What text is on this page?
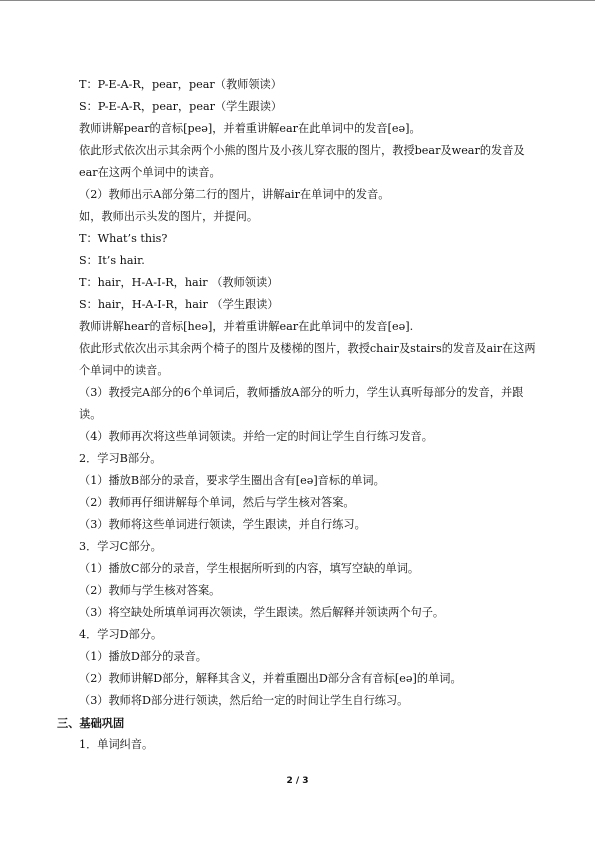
T：P-E-A-R，pear，pear（教师领读）
S：P-E-A-R，pear，pear（学生跟读）
教师讲解pear的音标[peə]，并着重讲解ear在此单词中的发音[eə]。
依此形式依次出示其余两个小熊的图片及小孩儿穿衣服的图片，教授bear及wear的发音及ear在这两个单词中的读音。
（2）教师出示A部分第二行的图片，讲解air在单词中的发音。
如，教师出示头发的图片，并提问。
T：What’s this?
S：It’s hair.
T：hair，H-A-I-R，hair （教师领读）
S：hair，H-A-I-R，hair （学生跟读）
教师讲解hear的音标[heə]，并着重讲解ear在此单词中的发音[eə].
依此形式依次出示其余两个椅子的图片及楼梯的图片，教授chair及stairs的发音及air在这两个单词中的读音。
（3）教授完A部分的6个单词后，教师播放A部分的听力，学生认真听每部分的发音，并跟读。
（4）教师再次将这些单词领读。并给一定的时间让学生自行练习发音。
2．学习B部分。
（1）播放B部分的录音，要求学生圈出含有[eə]音标的单词。
（2）教师再仔细讲解每个单词，然后与学生核对答案。
（3）教师将这些单词进行领读，学生跟读，并自行练习。
3．学习C部分。
（1）播放C部分的录音，学生根据所听到的内容，填写空缺的单词。
（2）教师与学生核对答案。
（3）将空缺处所填单词再次领读，学生跟读。然后解释并领读两个句子。
4．学习D部分。
（1）播放D部分的录音。
（2）教师讲解D部分，解释其含义，并着重圈出D部分含有音标[eə]的单词。
（3）教师将D部分进行领读，然后给一定的时间让学生自行练习。
三、基础巩固
1．单词纠音。
2 / 3
